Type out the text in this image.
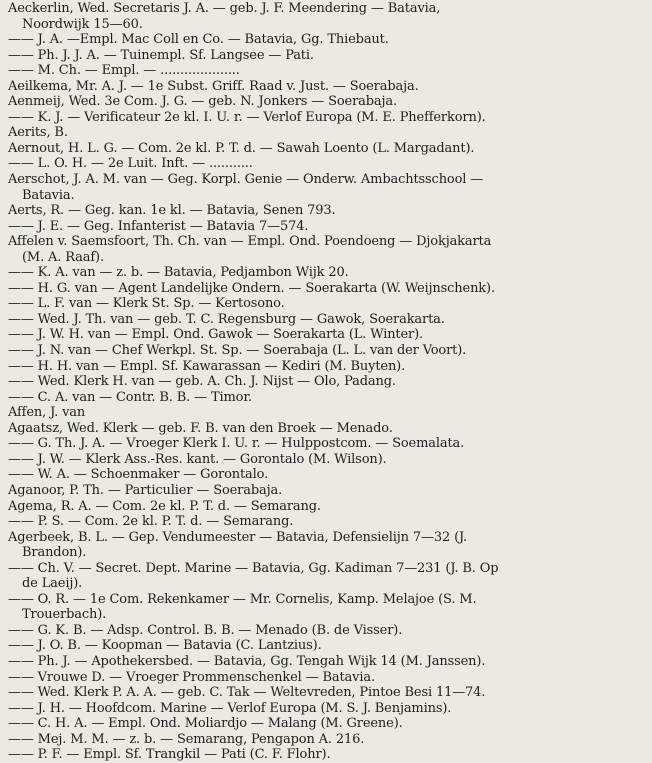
Aeckerlin, Wed. Secretaris J. A. — geb. J. F. Meendering — Batavia,
Noordwijk 15—60.
—— J. A. —Empl. Mac Coll en Co. — Batavia, Gg. Thiebaut.
—— Ph. J. J. A. — Tuinempl. Sf. Langsee — Pati.
—— M. Ch. — Empl. — ....................
Aeilkema, Mr. A. J. — 1e Subst. Griff. Raad v. Just. — Soerabaja.
Aenmeij, Wed. 3e Com. J. G. — geb. N. Jonkers — Soerabaja.
—— K. J. — Verificateur 2e kl. I. U. r. — Verlof Europa (M. E. Phefferkorn).
Aerits, B.
Aernout, H. L. G. — Com. 2e kl. P. T. d. — Sawah Loento (L. Margadant).
—— L. O. H. — 2e Luit. Inft. — ...........
Aerschot, J. A. M. van — Geg. Korpl. Genie — Onderw. Ambachtsschool —
Batavia.
Aerts, R. — Geg. kan. 1e kl. — Batavia, Senen 793.
—— J. E. — Geg. Infanterist — Batavia 7—574.
Affelen v. Saemsfoort, Th. Ch. van — Empl. Ond. Poendoeng — Djokjakarta
(M. A. Raaf).
—— K. A. van — z. b. — Batavia, Pedjambon Wijk 20.
—— H. G. van — Agent Landelijke Ondern. — Soerakarta (W. Weijnschenk).
—— L. F. van — Klerk St. Sp. — Kertosono.
—— Wed. J. Th. van — geb. T. C. Regensburg — Gawok, Soerakarta.
—— J. W. H. van — Empl. Ond. Gawok — Soerakarta (L. Winter).
—— J. N. van — Chef Werkpl. St. Sp. — Soerabaja (L. L. van der Voort).
—— H. H. van — Empl. Sf. Kawarassan — Kediri (M. Buyten).
—— Wed. Klerk H. van — geb. A. Ch. J. Nijst — Olo, Padang.
—— C. A. van — Contr. B. B. — Timor.
Affen, J. van
Agaatsz, Wed. Klerk — geb. F. B. van den Broek — Menado.
—— G. Th. J. A. — Vroeger Klerk I. U. r. — Hulppostcom. — Soemalata.
—— J. W. — Klerk Ass.-Res. kant. — Gorontalo (M. Wilson).
—— W. A. — Schoenmaker — Gorontalo.
Aganoor, P. Th. — Particulier — Soerabaja.
Agema, R. A. — Com. 2e kl. P. T. d. — Semarang.
—— P. S. — Com. 2e kl. P. T. d. — Semarang.
Agerbeek, B. L. — Gep. Vendumeester — Batavia, Defensielijn 7—32 (J.
Brandon).
—— Ch. V. — Secret. Dept. Marine — Batavia, Gg. Kadiman 7—231 (J. B. Op
de Laeij).
—— O. R. — 1e Com. Rekenkamer — Mr. Cornelis, Kamp. Melajoe (S. M.
Trouerbach).
—— G. K. B. — Adsp. Control. B. B. — Menado (B. de Visser).
—— J. O. B. — Koopman — Batavia (C. Lantzius).
—— Ph. J. — Apothekersbed. — Batavia, Gg. Tengah Wijk 14 (M. Janssen).
—— Vrouwe D. — Vroeger Prommenschenkel — Batavia.
—— Wed. Klerk P. A. A. — geb. C. Tak — Weltevreden, Pintoe Besi 11—74.
—— J. H. — Hoofdcom. Marine — Verlof Europa (M. S. J. Benjamins).
—— C. H. A. — Empl. Ond. Moliardjo — Malang (M. Greene).
—— Mej. M. M. — z. b. — Semarang, Pengapon A. 216.
—— P. F. — Empl. Sf. Trangkil — Pati (C. F. Flohr).
